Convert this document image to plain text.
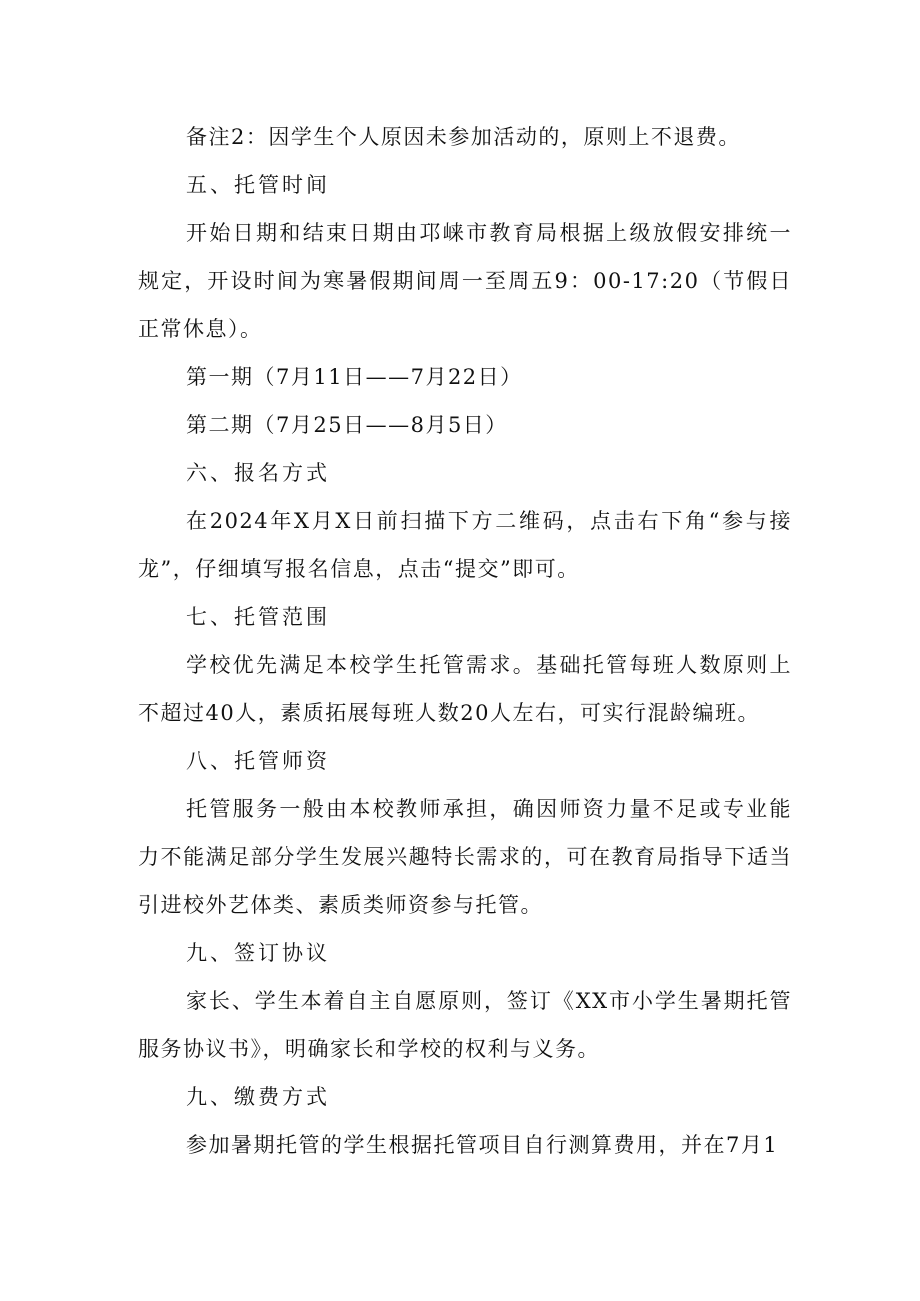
备注2：因学生个人原因未参加活动的，原则上不退费。

五、托管时间

开始日期和结束日期由邛崃市教育局根据上级放假安排统一规定，开设时间为寒暑假期间周一至周五9：00-17:20（节假日正常休息）。

第一期（7月11日——7月22日）

第二期（7月25日——8月5日）

六、报名方式

在2024年X月X日前扫描下方二维码，点击右下角“参与接龙”，仔细填写报名信息，点击“提交”即可。

七、托管范围

学校优先满足本校学生托管需求。基础托管每班人数原则上不超过40人，素质拓展每班人数20人左右，可实行混龄编班。

八、托管师资

托管服务一般由本校教师承担，确因师资力量不足或专业能力不能满足部分学生发展兴趣特长需求的，可在教育局指导下适当引进校外艺体类、素质类师资参与托管。

九、签订协议

家长、学生本着自主自愿原则，签订《XX市小学生暑期托管服务协议书》，明确家长和学校的权利与义务。

九、缴费方式

参加暑期托管的学生根据托管项目自行测算费用，并在7月1
